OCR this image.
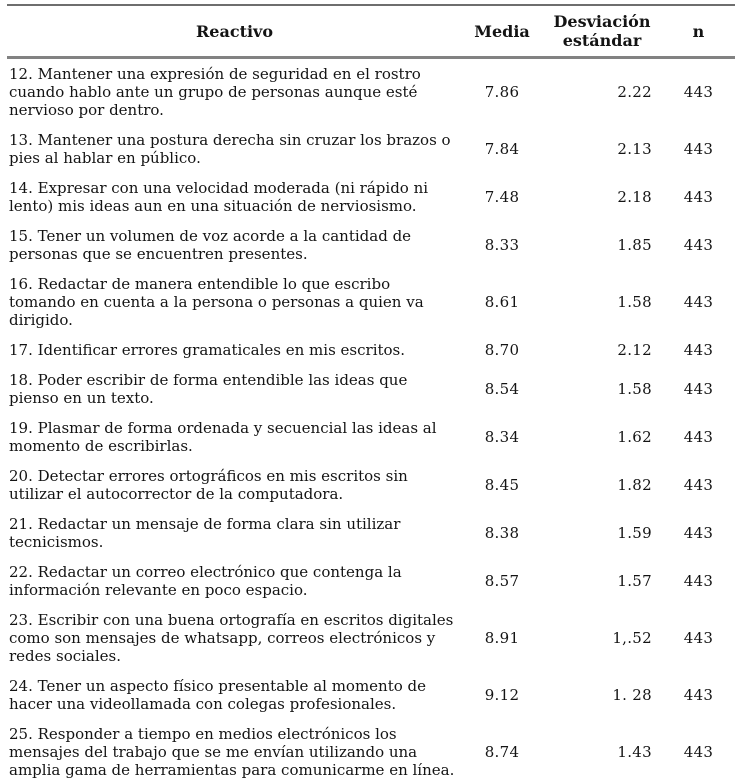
Reactivo	Media	Desviación estándar	n
12. Mantener una expresión de seguridad en el rostro cuando hablo ante un grupo de personas aunque esté nervioso por dentro.	7.86	2.22	443
13. Mantener una postura derecha sin cruzar los brazos o pies al hablar en público.	7.84	2.13	443
14. Expresar con una velocidad moderada (ni rápido ni lento) mis ideas aun en una situación de nerviosismo.	7.48	2.18	443
15. Tener un volumen de voz acorde a la cantidad de personas que se encuentren presentes.	8.33	1.85	443
16. Redactar de manera entendible lo que escribo tomando en cuenta a la persona o personas a quien va dirigido.	8.61	1.58	443
17. Identificar errores gramaticales en mis escritos.	8.70	2.12	443
18. Poder escribir de forma entendible las ideas que pienso en un texto.	8.54	1.58	443
19. Plasmar de forma ordenada y secuencial las ideas al momento de escribirlas.	8.34	1.62	443
20. Detectar errores ortográficos en mis escritos sin utilizar el autocorrector de la computadora.	8.45	1.82	443
21. Redactar un mensaje de forma clara sin utilizar tecnicismos.	8.38	1.59	443
22. Redactar un correo electrónico que contenga la información relevante en poco espacio.	8.57	1.57	443
23. Escribir con una buena ortografía en escritos digitales como son mensajes de whatsapp, correos electrónicos y redes sociales.	8.91	1,.52	443
24. Tener un aspecto físico presentable al momento de hacer una videollamada con colegas profesionales.	9.12	1. 28	443
25. Responder a tiempo en medios electrónicos los mensajes del trabajo que se me envían utilizando una amplia gama de herramientas para comunicarme en línea.	8.74	1.43	443
